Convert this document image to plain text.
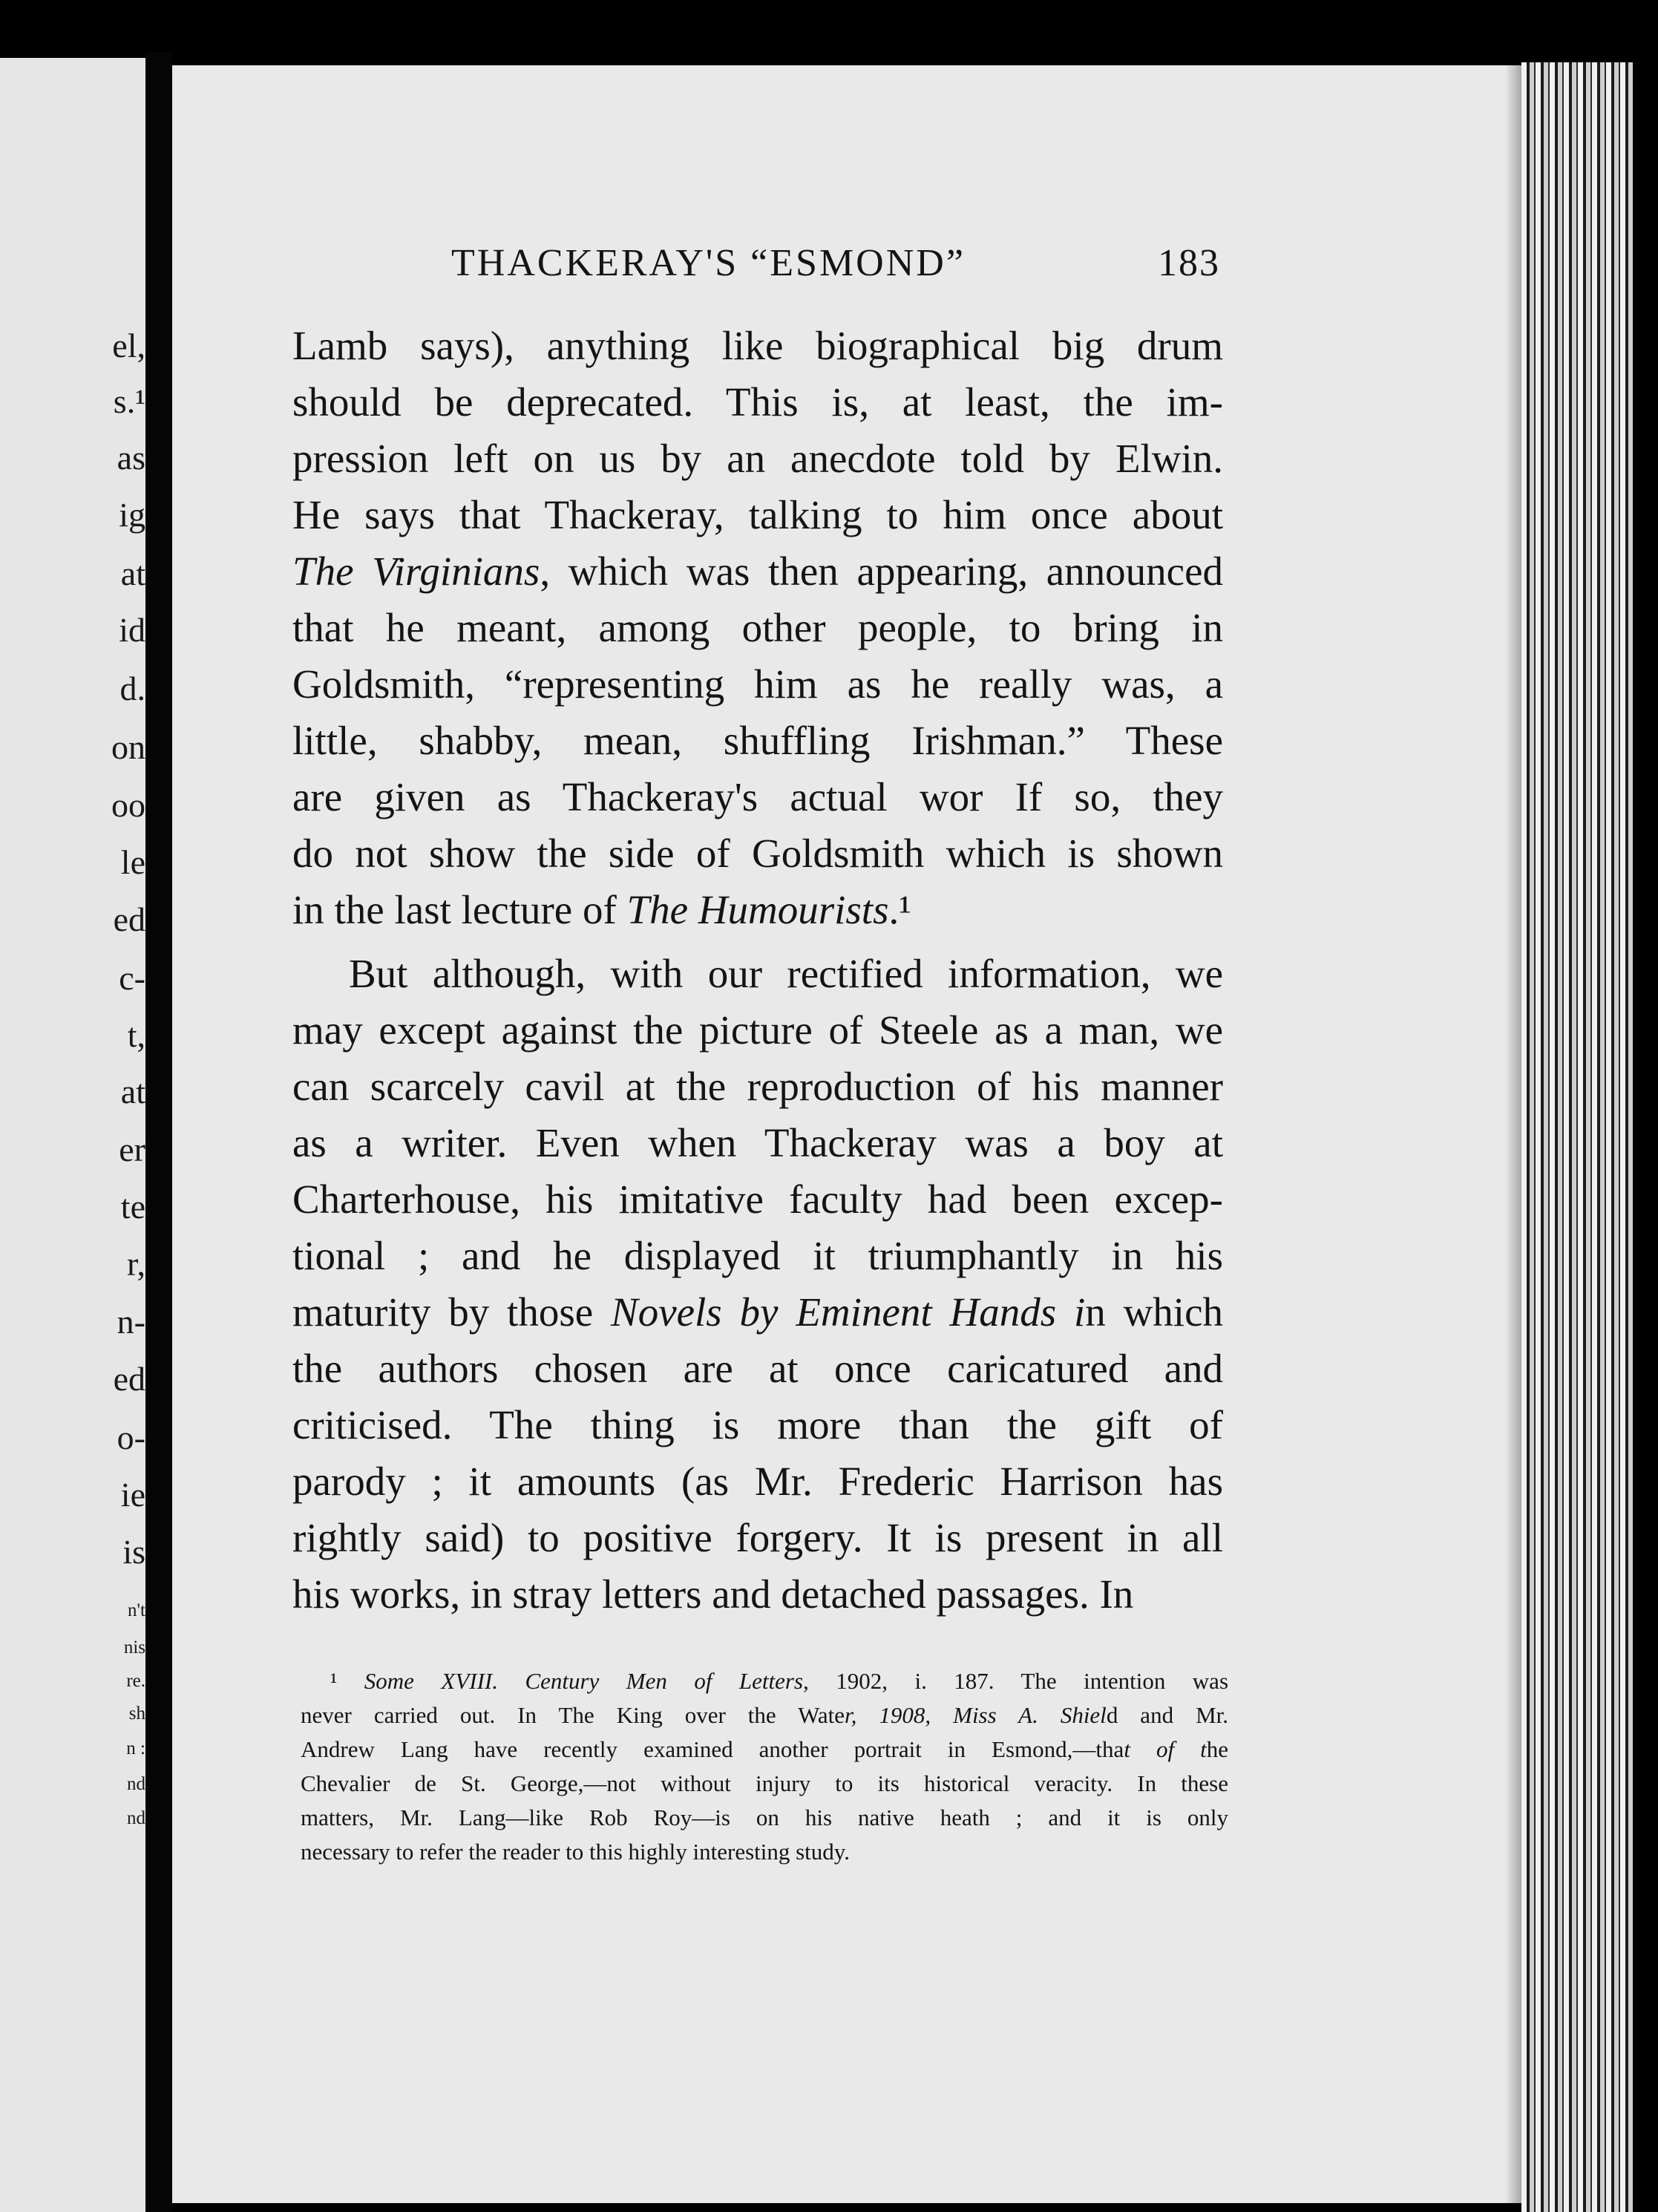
el,
s.¹
as
ig
at
id
d.
on
oo
le
ed
c-
t,
at
er
te
r,
n-
ed
o-
ie
is
n't
nis
re.
sh
n :
nd
nd
THACKERAY'S “ESMOND”	183
Lamb says), anything like biographical big drum
should be deprecated. This is, at least, the im-
pression left on us by an anecdote told by Elwin.
He says that Thackeray, talking to him once about
The Virginians, which was then appearing, announced
that he meant, among other people, to bring in
Goldsmith, “representing him as he really was, a
little, shabby, mean, shuffling Irishman.” These
are given as Thackeray's actual wor If so, they
do not show the side of Goldsmith which is shown
in the last lecture of The Humourists.¹
But although, with our rectified information, we
may except against the picture of Steele as a man, we
can scarcely cavil at the reproduction of his manner
as a writer. Even when Thackeray was a boy at
Charterhouse, his imitative faculty had been excep-
tional ; and he displayed it triumphantly in his
maturity by those Novels by Eminent Hands in which
the authors chosen are at once caricatured and
criticised. The thing is more than the gift of
parody ; it amounts (as Mr. Frederic Harrison has
rightly said) to positive forgery. It is present in all
his works, in stray letters and detached passages. In
¹ Some XVIII. Century Men of Letters, 1902, i. 187. The intention was
never carried out. In The King over the Water, 1908, Miss A. Shield and Mr.
Andrew Lang have recently examined another portrait in Esmond,—that of the
Chevalier de St. George,—not without injury to its historical veracity. In these
matters, Mr. Lang—like Rob Roy—is on his native heath ; and it is only
necessary to refer the reader to this highly interesting study.
